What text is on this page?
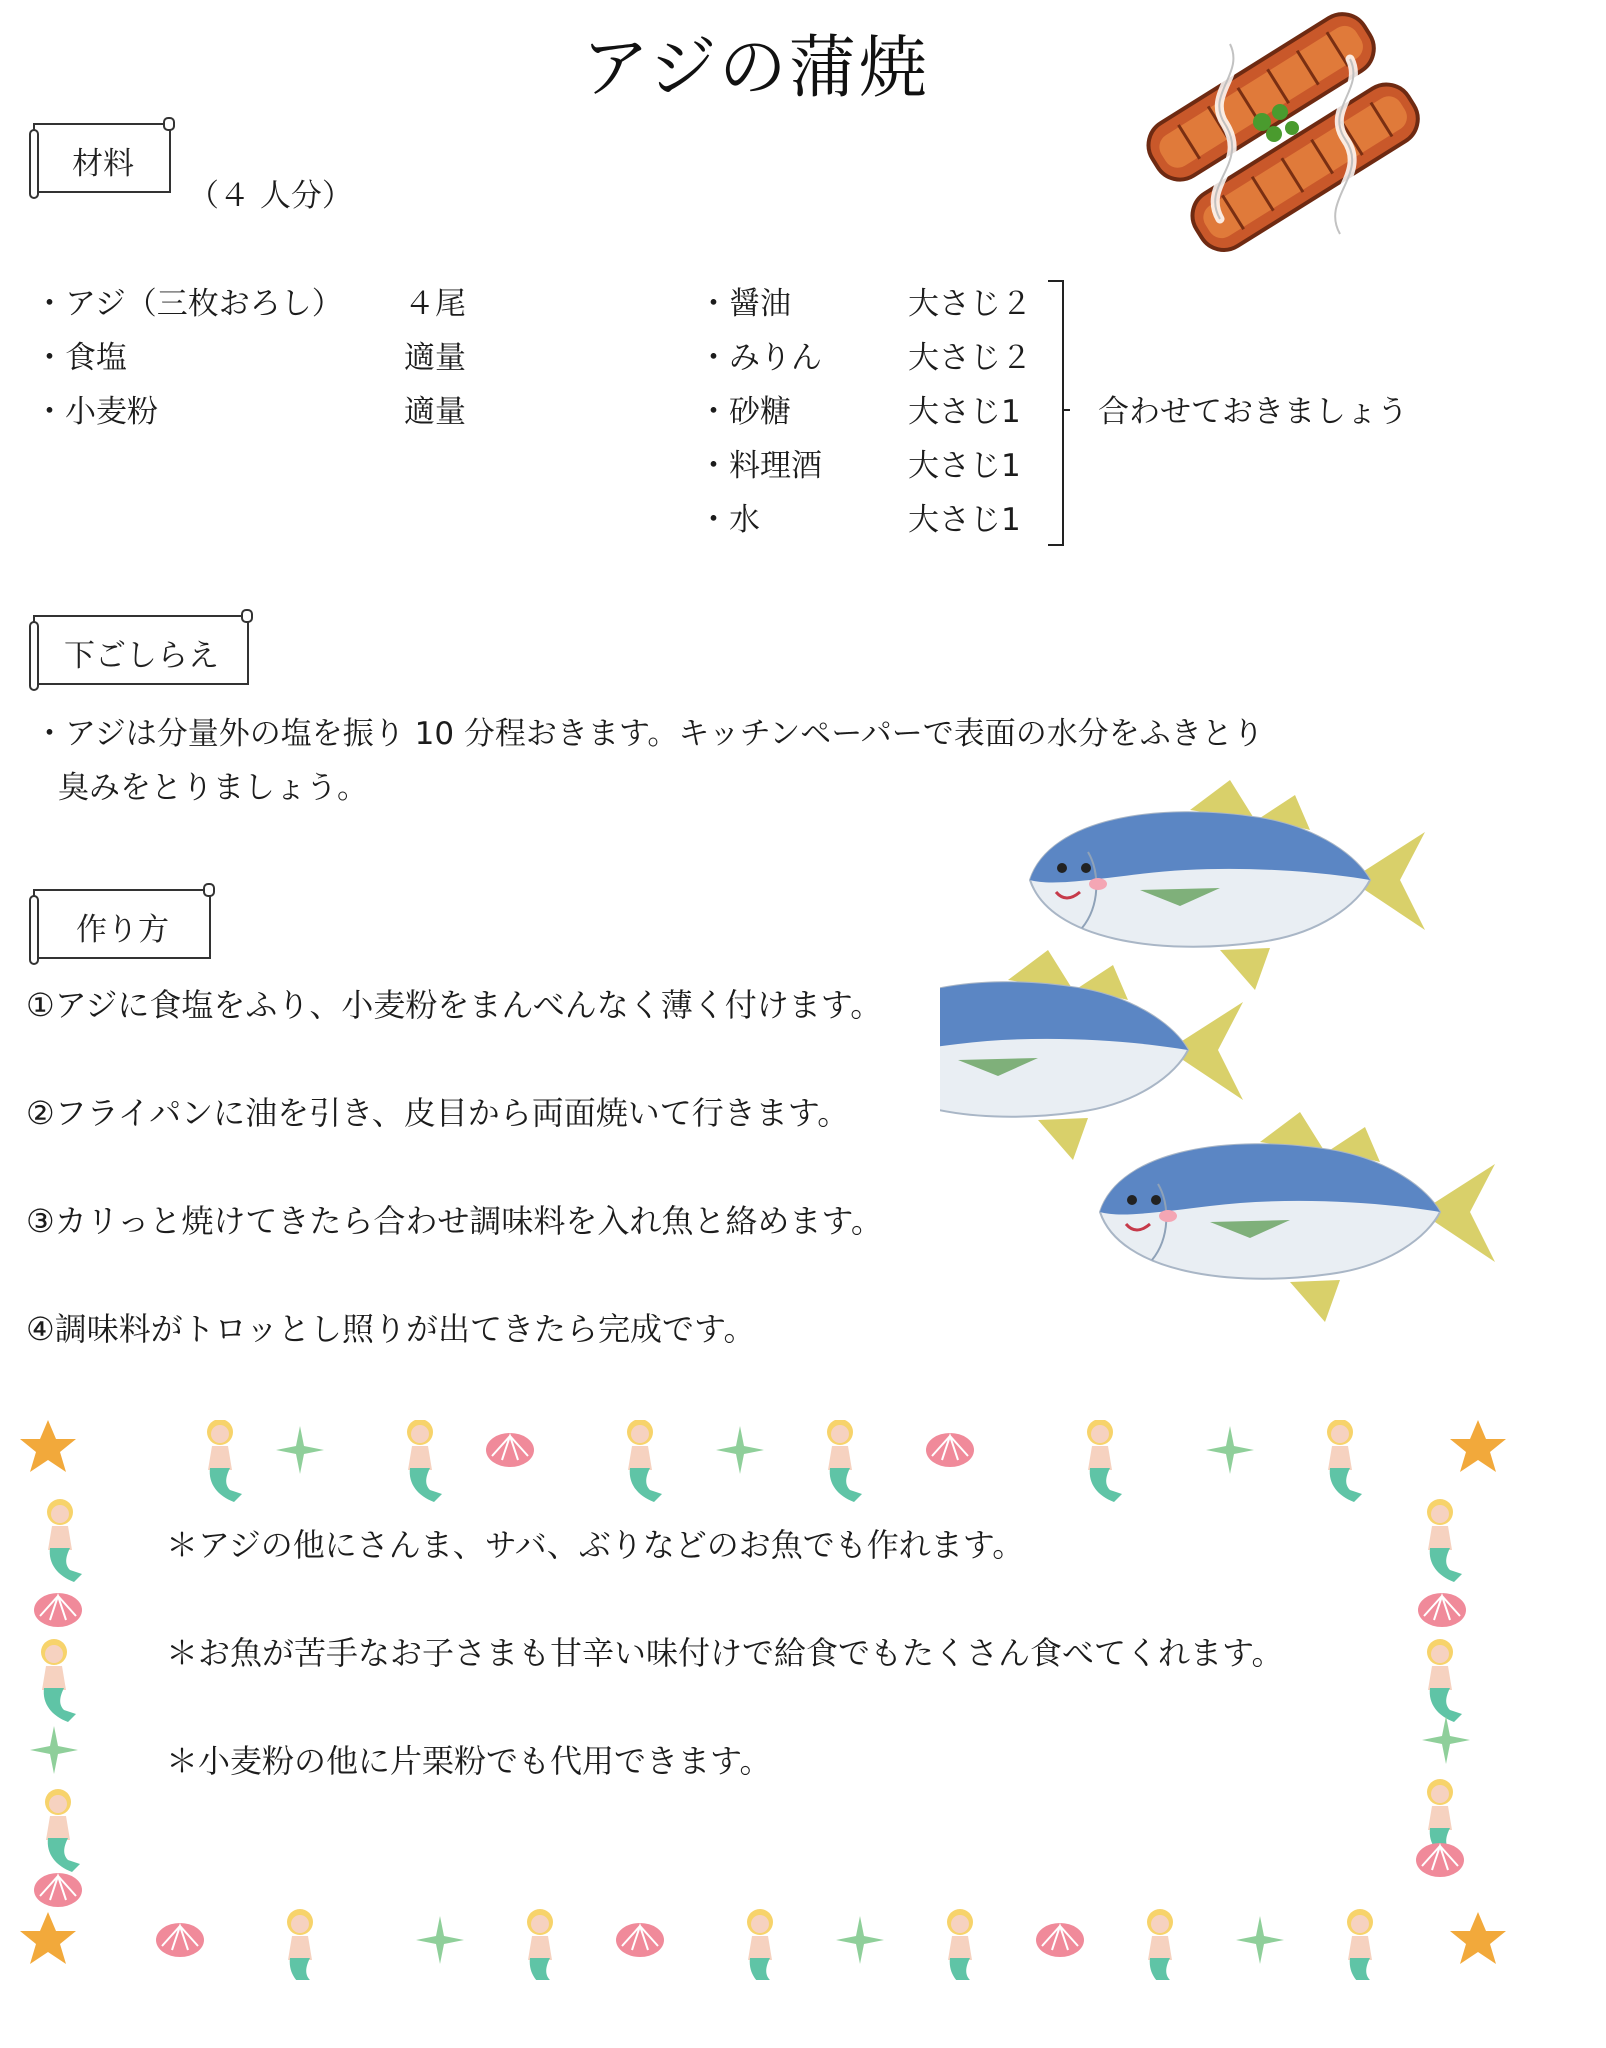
アジの蒲焼
材料
（４ 人分）
・アジ（三枚おろし） ４尾
・食塩	適量
・小麦粉	適量
・醤油	大さじ２
・みりん	大さじ２
・砂糖	大さじ1
・料理酒	大さじ1
・水	大さじ1
合わせておきましょう
下ごしらえ
・アジは分量外の塩を振り 10 分程おきます。キッチンペーパーで表面の水分をふきとり
臭みをとりましょう。
作り方
①アジに食塩をふり、小麦粉をまんべんなく薄く付けます。
②フライパンに油を引き、皮目から両面焼いて行きます。
③カリっと焼けてきたら合わせ調味料を入れ魚と絡めます。
④調味料がトロッとし照りが出てきたら完成です。
＊アジの他にさんま、サバ、ぶりなどのお魚でも作れます。
＊お魚が苦手なお子さまも甘辛い味付けで給食でもたくさん食べてくれます。
＊小麦粉の他に片栗粉でも代用できます。
